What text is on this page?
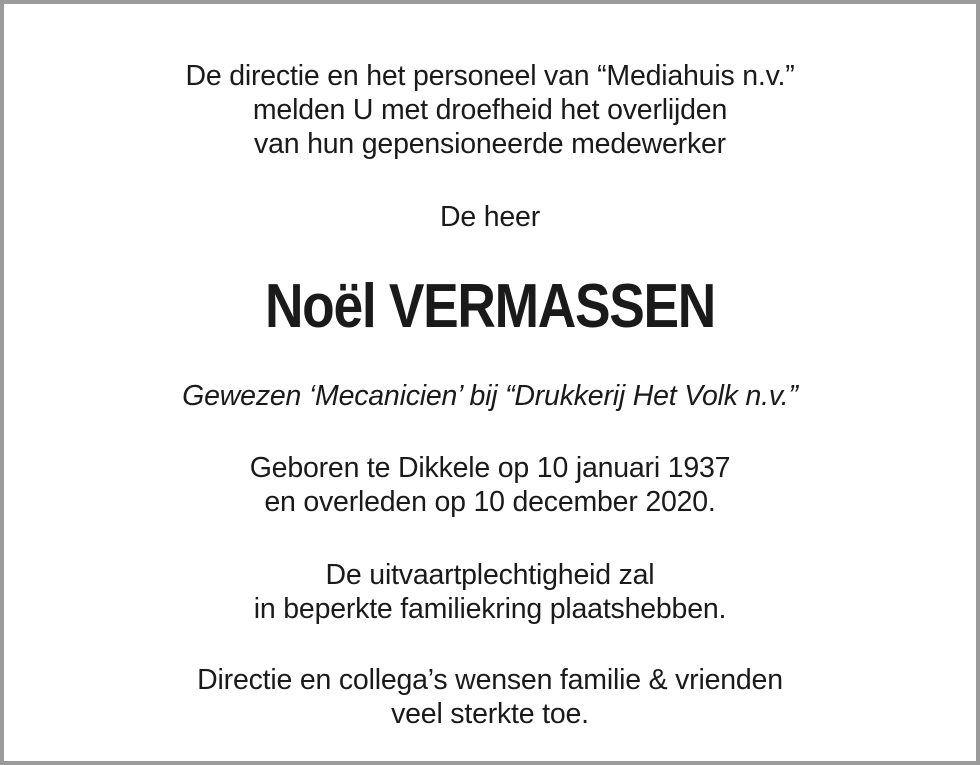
De directie en het personeel van “Mediahuis n.v.”
melden U met droefheid het overlijden
van hun gepensioneerde medewerker
De heer
Noël VERMASSEN
Gewezen ‘Mecanicien’ bij “Drukkerij Het Volk n.v.”
Geboren te Dikkele op 10 januari 1937
en overleden op 10 december 2020.
De uitvaartplechtigheid zal
in beperkte familiekring plaatshebben.
Directie en collega’s wensen familie & vrienden
veel sterkte toe.
